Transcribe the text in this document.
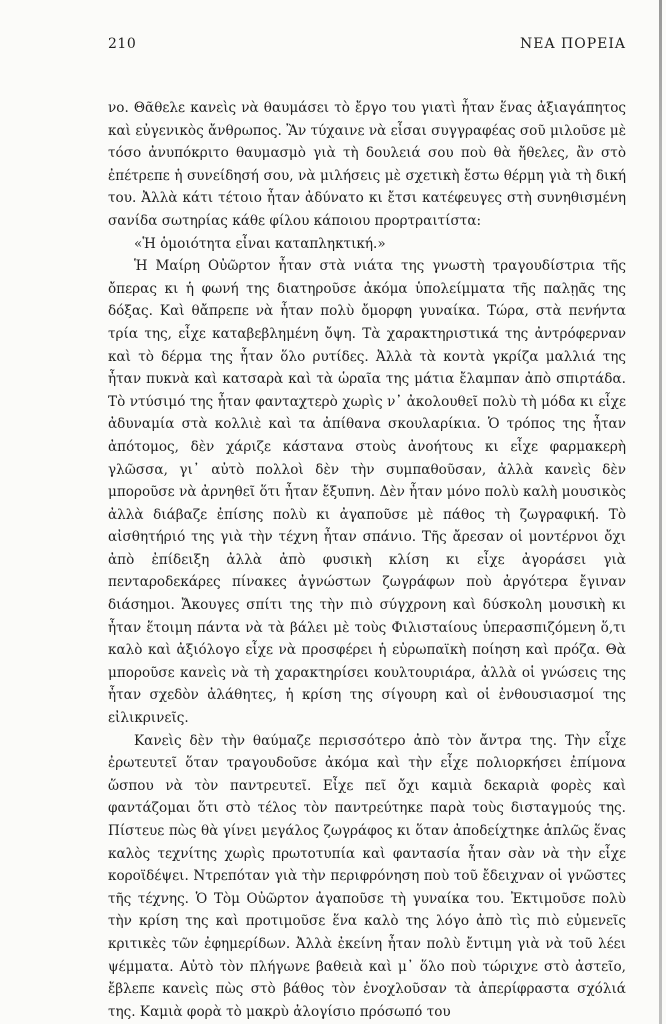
210	ΝΕΑ ΠΟΡΕΙΑ

νο. Θᾶθελε κανεὶς νὰ θαυμάσει τὸ ἔργο του γιατὶ ἦταν ἕνας ἀξιαγάπητος καὶ εὐγενικὸς ἄνθρωπος. Ἂν τύχαινε νὰ εἶσαι συγγραφέας σοῦ μιλοῦσε μὲ τόσο ἀνυπόκριτο θαυμασμὸ γιὰ τὴ δουλειά σου ποὺ θὰ ἤθελες, ἂν στὸ ἐπέτρεπε ἡ συνείδησή σου, νὰ μιλήσεις μὲ σχετικὴ ἔστω θέρμη γιὰ τὴ δική του. Ἀλλὰ κάτι τέτοιο ἦταν ἀδύνατο κι ἔτσι κατέφευγες στὴ συνηθισμένη σανίδα σωτηρίας κάθε φίλου κάποιου προρτραιτίστα:

«Ἡ ὁμοιότητα εἶναι καταπληκτική.»

Ἡ Μαίρη Οὐῶρτον ἦταν στὰ νιάτα της γνωστὴ τραγουδίστρια τῆς ὄπερας κι ἡ φωνή της διατηροῦσε ἀκόμα ὑπολείμματα τῆς παλῃᾶς της δόξας. Καὶ θἄπρεπε νὰ ἦταν πολὺ ὄμορφη γυναίκα. Τώρα, στὰ πενήντα τρία της, εἶχε καταβεβλημένη ὄψη. Τὰ χαρακτηριστικά της ἀντρόφερναν καὶ τὸ δέρμα της ἦταν ὅλο ρυτίδες. Ἀλλὰ τὰ κοντὰ γκρίζα μαλλιά της ἦταν πυκνὰ καὶ κατσαρὰ καὶ τὰ ὡραῖα της μάτια ἔλαμπαν ἀπὸ σπιρτάδα. Τὸ ντύσιμό της ἦταν φανταχτερὸ χωρὶς ν᾿ ἀκολουθεῖ πολὺ τὴ μόδα κι εἶχε ἀδυναμία στὰ κολλιὲ καὶ τα ἀπίθανα σκουλαρίκια. Ὁ τρόπος της ἦταν ἀπότομος, δὲν χάριζε κάστανα στοὺς ἀνοήτους κι εἶχε φαρμακερὴ γλῶσσα, γι᾿ αὐτὸ πολλοὶ δὲν τὴν συμπαθοῦσαν, ἀλλὰ κανεὶς δὲν μποροῦσε νὰ ἀρνηθεῖ ὅτι ἦταν ἔξυπνη. Δὲν ἦταν μόνο πολὺ καλὴ μουσικὸς ἀλλὰ διάβαζε ἐπίσης πολὺ κι ἀγαποῦσε μὲ πάθος τὴ ζωγραφική. Τὸ αἰσθητήριό της γιὰ τὴν τέχνη ἦταν σπάνιο. Τῆς ἄρεσαν οἱ μοντέρνοι ὄχι ἀπὸ ἐπίδειξη ἀλλὰ ἀπὸ φυσικὴ κλίση κι εἶχε ἀγοράσει γιὰ πενταροδεκάρες πίνακες ἀγνώστων ζωγράφων ποὺ ἀργότερα ἔγιναν διάσημοι. Ἄκουγες σπίτι της τὴν πιὸ σύγχρονη καὶ δύσκολη μουσικὴ κι ἦταν ἕτοιμη πάντα νὰ τὰ βάλει μὲ τοὺς Φιλισταίους ὑπερασπιζόμενη ὅ,τι καλὸ καὶ ἀξιόλογο εἶχε νὰ προσφέρει ἡ εὐρωπαϊκὴ ποίηση καὶ πρόζα. Θὰ μποροῦσε κανεὶς νὰ τὴ χαρακτηρίσει κουλτουριάρα, ἀλλὰ οἱ γνώσεις της ἦταν σχεδὸν ἀλάθητες, ἡ κρίση της σίγουρη καὶ οἱ ἐνθουσιασμοί της εἰλικρινεῖς.

Κανεὶς δὲν τὴν θαύμαζε περισσότερο ἀπὸ τὸν ἄντρα της. Τὴν εἶχε ἐρωτευτεῖ ὅταν τραγουδοῦσε ἀκόμα καὶ τὴν εἶχε πολιορκήσει ἐπίμονα ὥσπου νὰ τὸν παντρευτεῖ. Εἶχε πεῖ ὄχι καμιὰ δεκαριὰ φορὲς καὶ φαντάζομαι ὅτι στὸ τέλος τὸν παντρεύτηκε παρὰ τοὺς δισταγμούς της. Πίστευε πὼς θὰ γίνει μεγάλος ζωγράφος κι ὅταν ἀποδείχτηκε ἁπλῶς ἕνας καλὸς τεχνίτης χωρὶς πρωτοτυπία καὶ φαντασία ἦταν σὰν νὰ τὴν εἶχε κοροϊδέψει. Ντρεπόταν γιὰ τὴν περιφρόνηση ποὺ τοῦ ἔδειχναν οἱ γνῶστες τῆς τέχνης. Ὁ Τὸμ Οὐῶρτον ἀγαποῦσε τὴ γυναίκα του. Ἐκτιμοῦσε πολὺ τὴν κρίση της καὶ προτιμοῦσε ἕνα καλὸ της λόγο ἀπὸ τὶς πιὸ εὐμενεῖς κριτικὲς τῶν ἐφημερίδων. Ἀλλὰ ἐκείνη ἦταν πολὺ ἔντιμη γιὰ νὰ τοῦ λέει ψέμματα. Αὐτὸ τὸν πλήγωνε βαθειὰ καὶ μ᾿ ὅλο ποὺ τώριχνε στὸ ἀστεῖο, ἔβλεπε κανεὶς πὼς στὸ βάθος τὸν ἐνοχλοῦσαν τὰ ἀπερίφραστα σχόλιά της. Καμιὰ φορὰ τὸ μακρὺ ἀλογίσιο πρόσωπό του
